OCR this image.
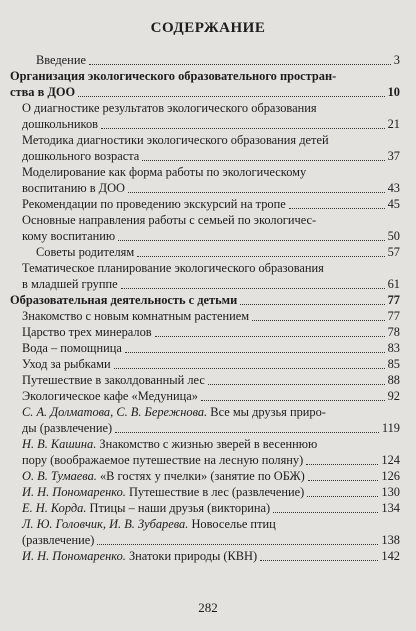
СОДЕРЖАНИЕ
Введение	3
Организация экологического образовательного простран-
ства в ДОО	10
О диагностике результатов экологического образования
дошкольников	21
Методика диагностики экологического образования детей
дошкольного возраста	37
Моделирование как форма работы по экологическому
воспитанию в ДОО	43
Рекомендации по проведению экскурсий на тропе	45
Основные направления работы с семьей по экологичес-
кому воспитанию	50
Советы родителям	57
Тематическое планирование экологического образования
в младшей группе	61
Образовательная деятельность с детьми	77
Знакомство с новым комнатным растением	77
Царство трех минералов	78
Вода – помощница	83
Уход за рыбками	85
Путешествие в заколдованный лес	88
Экологическое кафе «Медуница»	92
С. А. Долматова, С. В. Бережнова. Все мы друзья приро-
ды (развлечение)	119
Н. В. Кашина. Знакомство с жизнью зверей в весеннюю
пору (воображаемое путешествие на лесную поляну)	124
О. В. Тумаева. «В гостях у пчелки» (занятие по ОБЖ)	126
И. Н. Пономаренко. Путешествие в лес (развлечение)	130
Е. Н. Корда. Птицы – наши друзья (викторина)	134
Л. Ю. Головчик, И. В. Зубарева. Новоселье птиц
(развлечение)	138
И. Н. Пономаренко. Знатоки природы (КВН)	142
282
